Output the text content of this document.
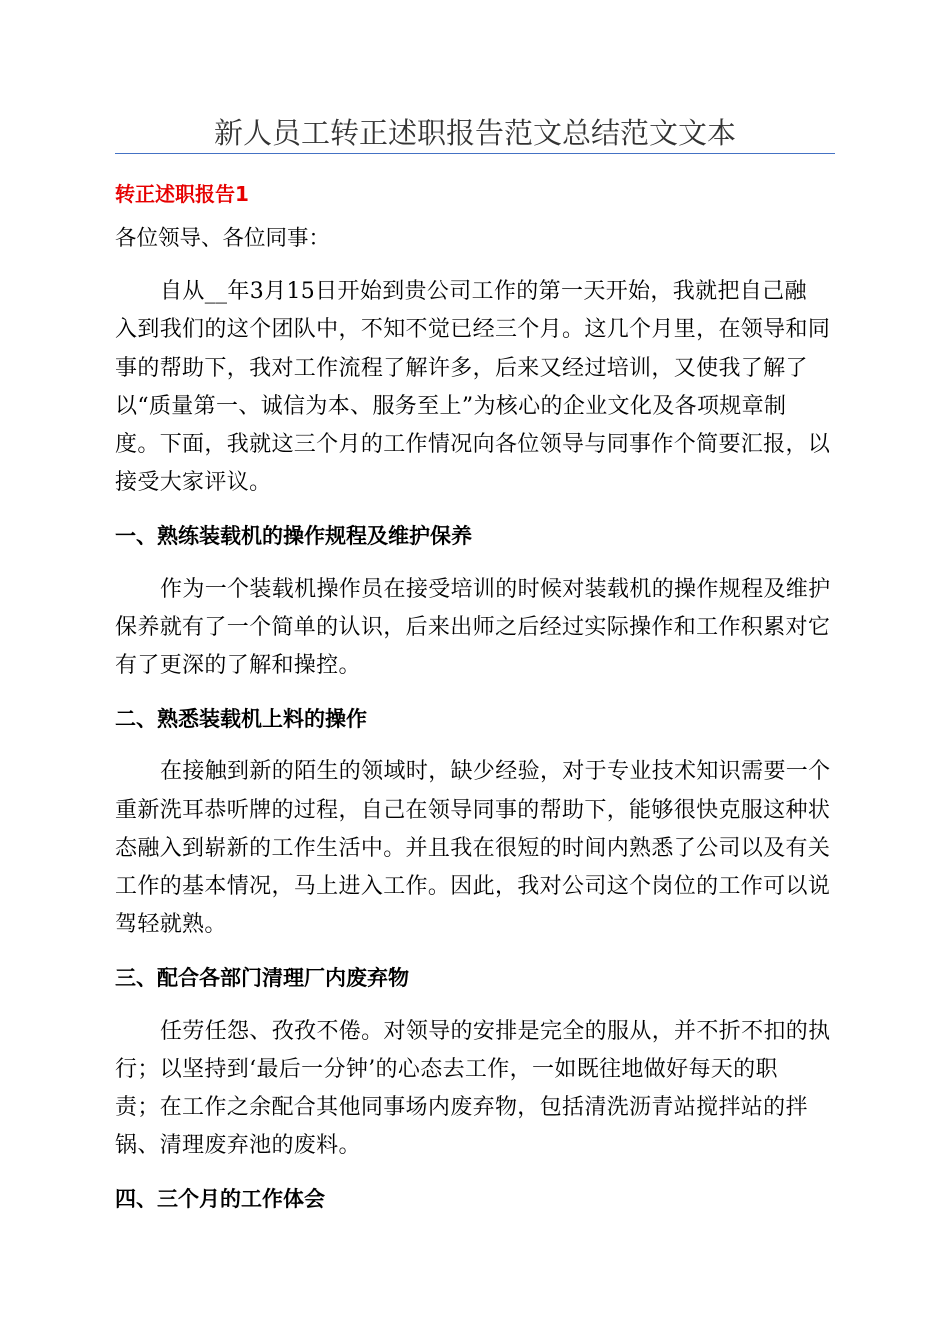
新人员工转正述职报告范文总结范文文本
转正述职报告1
各位领导、各位同事：
自从__年3月15日开始到贵公司工作的第一天开始，我就把自己融
入到我们的这个团队中，不知不觉已经三个月。这几个月里，在领导和同
事的帮助下，我对工作流程了解许多，后来又经过培训，又使我了解了
以“质量第一、诚信为本、服务至上”为核心的企业文化及各项规章制
度。下面，我就这三个月的工作情况向各位领导与同事作个简要汇报，以
接受大家评议。
一、熟练装载机的操作规程及维护保养
作为一个装载机操作员在接受培训的时候对装载机的操作规程及维护
保养就有了一个简单的认识，后来出师之后经过实际操作和工作积累对它
有了更深的了解和操控。
二、熟悉装载机上料的操作
在接触到新的陌生的领域时，缺少经验，对于专业技术知识需要一个
重新洗耳恭听牌的过程，自己在领导同事的帮助下，能够很快克服这种状
态融入到崭新的工作生活中。并且我在很短的时间内熟悉了公司以及有关
工作的基本情况，马上进入工作。因此，我对公司这个岗位的工作可以说
驾轻就熟。
三、配合各部门清理厂内废弃物
任劳任怨、孜孜不倦。对领导的安排是完全的服从，并不折不扣的执
行；以坚持到‘最后一分钟’的心态去工作，一如既往地做好每天的职
责；在工作之余配合其他同事场内废弃物，包括清洗沥青站搅拌站的拌
锅、清理废弃池的废料。
四、三个月的工作体会
